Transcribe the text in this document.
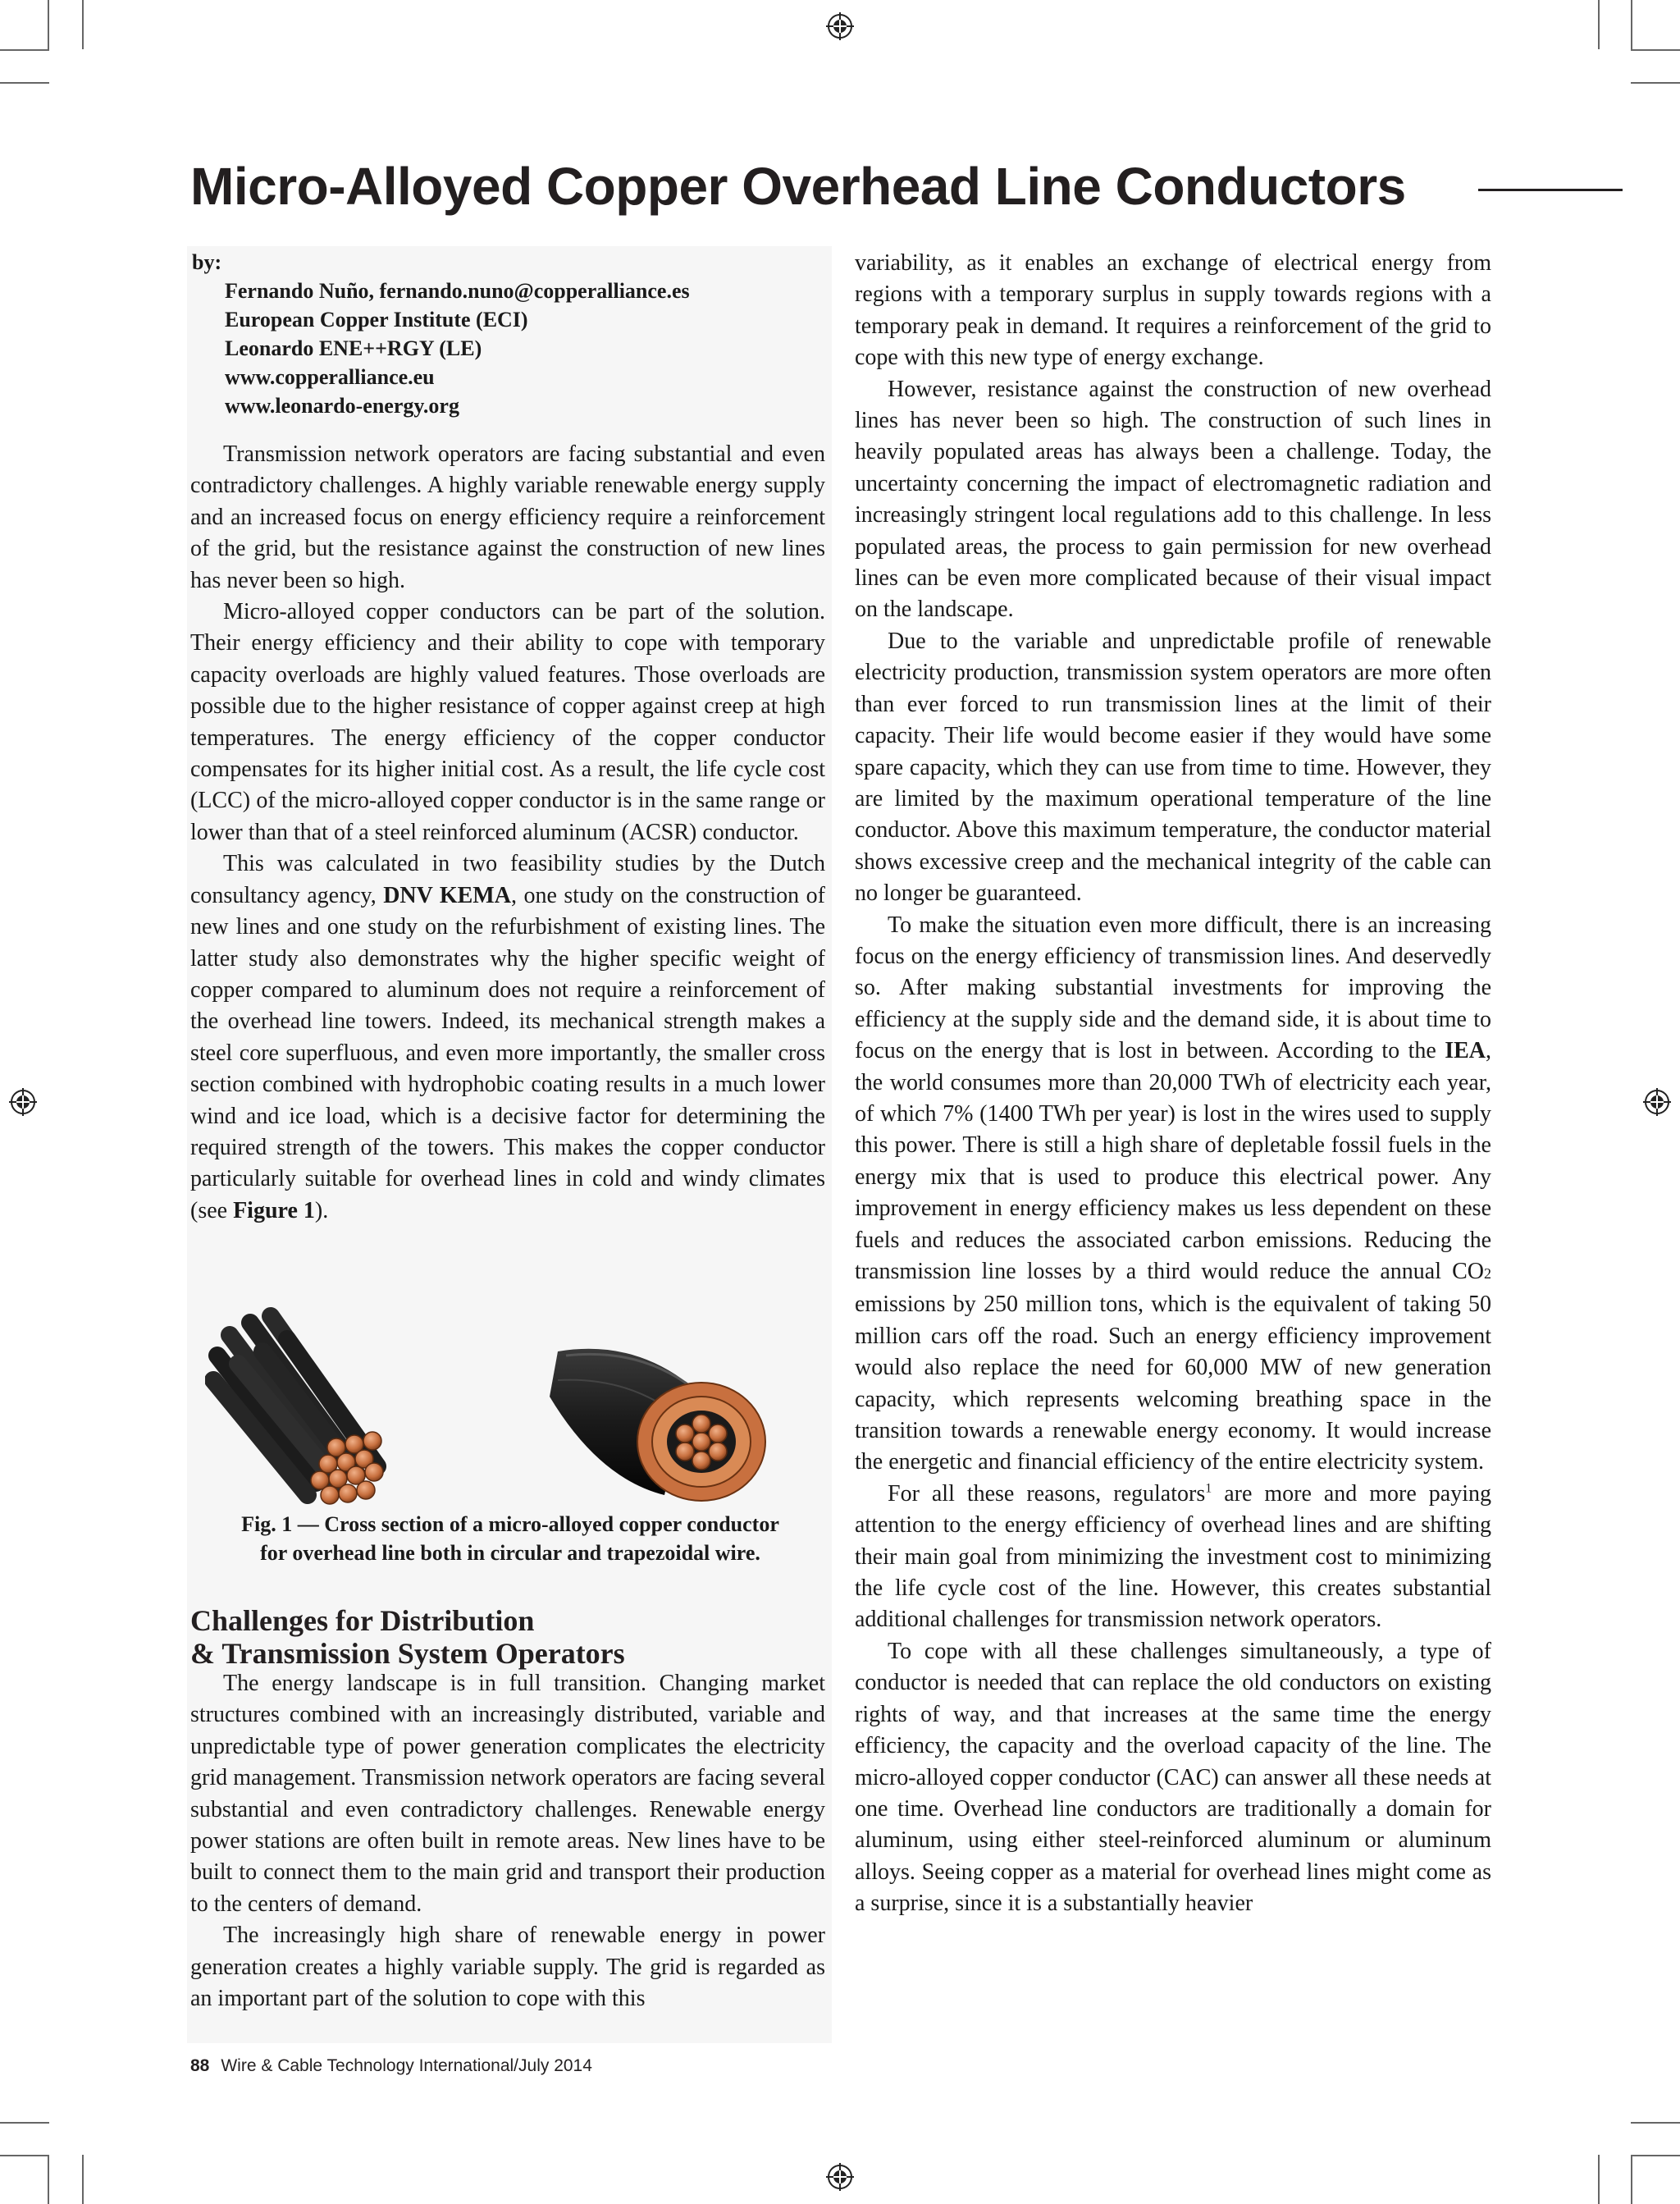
Micro-Alloyed Copper Overhead Line Conductors
by:
Fernando Nuño, fernando.nuno@copperalliance.es
European Copper Institute (ECI)
Leonardo ENE++RGY (LE)
www.copperalliance.eu
www.leonardo-energy.org

Transmission network operators are facing substantial and even contradictory challenges. A highly variable renewable energy supply and an increased focus on energy efficiency require a reinforcement of the grid, but the resistance against the construction of new lines has never been so high.

Micro-alloyed copper conductors can be part of the solution. Their energy efficiency and their ability to cope with temporary capacity overloads are highly valued features. Those overloads are possible due to the higher resistance of copper against creep at high temperatures. The energy efficiency of the copper conductor compensates for its higher initial cost. As a result, the life cycle cost (LCC) of the micro-alloyed copper conductor is in the same range or lower than that of a steel reinforced aluminum (ACSR) conductor.

This was calculated in two feasibility studies by the Dutch consultancy agency, DNV KEMA, one study on the construction of new lines and one study on the refurbishment of existing lines. The latter study also demonstrates why the higher specific weight of copper compared to aluminum does not require a reinforcement of the overhead line towers. Indeed, its mechanical strength makes a steel core superfluous, and even more importantly, the smaller cross section combined with hydrophobic coating results in a much lower wind and ice load, which is a decisive factor for determining the required strength of the towers. This makes the copper conductor particularly suitable for overhead lines in cold and windy climates (see Figure 1).

Fig. 1 — Cross section of a micro-alloyed copper conductor
for overhead line both in circular and trapezoidal wire.
Challenges for Distribution
& Transmission System Operators

The energy landscape is in full transition. Changing market structures combined with an increasingly distributed, variable and unpredictable type of power generation complicates the electricity grid management. Transmission network operators are facing several substantial and even contradictory challenges. Renewable energy power stations are often built in remote areas. New lines have to be built to connect them to the main grid and transport their production to the centers of demand.

The increasingly high share of renewable energy in power generation creates a highly variable supply. The grid is regarded as an important part of the solution to cope with this

variability, as it enables an exchange of electrical energy from regions with a temporary surplus in supply towards regions with a temporary peak in demand. It requires a reinforcement of the grid to cope with this new type of energy exchange.

However, resistance against the construction of new overhead lines has never been so high. The construction of such lines in heavily populated areas has always been a challenge. Today, the uncertainty concerning the impact of electromagnetic radiation and increasingly stringent local regulations add to this challenge. In less populated areas, the process to gain permission for new overhead lines can be even more complicated because of their visual impact on the landscape.

Due to the variable and unpredictable profile of renewable electricity production, transmission system operators are more often than ever forced to run transmission lines at the limit of their capacity. Their life would become easier if they would have some spare capacity, which they can use from time to time. However, they are limited by the maximum operational temperature of the line conductor. Above this maximum temperature, the conductor material shows excessive creep and the mechanical integrity of the cable can no longer be guaranteed.

To make the situation even more difficult, there is an increasing focus on the energy efficiency of transmission lines. And deservedly so. After making substantial investments for improving the efficiency at the supply side and the demand side, it is about time to focus on the energy that is lost in between. According to the IEA, the world consumes more than 20,000 TWh of electricity each year, of which 7% (1400 TWh per year) is lost in the wires used to supply this power. There is still a high share of depletable fossil fuels in the energy mix that is used to produce this electrical power. Any improvement in energy efficiency makes us less dependent on these fuels and reduces the associated carbon emissions. Reducing the transmission line losses by a third would reduce the annual CO2 emissions by 250 million tons, which is the equivalent of taking 50 million cars off the road. Such an energy efficiency improvement would also replace the need for 60,000 MW of new generation capacity, which represents welcoming breathing space in the transition towards a renewable energy economy. It would increase the energetic and financial efficiency of the entire electricity system.

For all these reasons, regulators$^1$ are more and more paying attention to the energy efficiency of overhead lines and are shifting their main goal from minimizing the investment cost to minimizing the life cycle cost of the line. However, this creates substantial additional challenges for transmission network operators.

To cope with all these challenges simultaneously, a type of conductor is needed that can replace the old conductors on existing rights of way, and that increases at the same time the energy efficiency, the capacity and the overload capacity of the line. The micro-alloyed copper conductor (CAC) can answer all these needs at one time. Overhead line conductors are traditionally a domain for aluminum, using either steel-reinforced aluminum or aluminum alloys. Seeing copper as a material for overhead lines might come as a surprise, since it is a substantially heavier

88 Wire & Cable Technology International/July 2014
